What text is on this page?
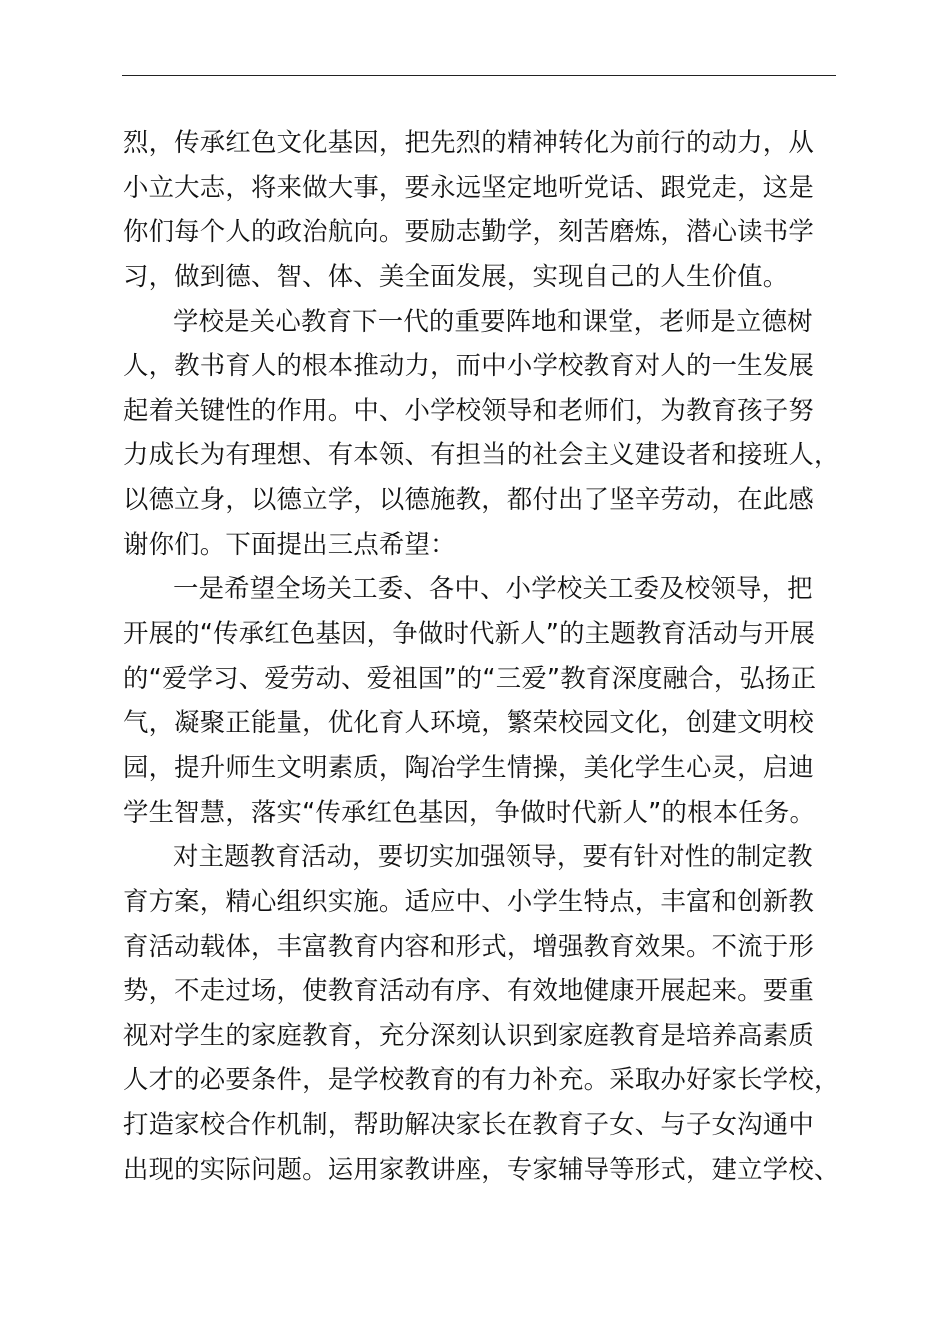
烈，传承红色文化基因，把先烈的精神转化为前行的动力，从
小立大志，将来做大事，要永远坚定地听党话、跟党走，这是
你们每个人的政治航向。要励志勤学，刻苦磨炼，潜心读书学
习，做到德、智、体、美全面发展，实现自己的人生价值。
学校是关心教育下一代的重要阵地和课堂，老师是立德树
人，教书育人的根本推动力，而中小学校教育对人的一生发展
起着关键性的作用。中、小学校领导和老师们，为教育孩子努
力成长为有理想、有本领、有担当的社会主义建设者和接班人，
以德立身，以德立学，以德施教，都付出了坚辛劳动，在此感
谢你们。下面提出三点希望：
一是希望全场关工委、各中、小学校关工委及校领导，把
开展的“传承红色基因，争做时代新人”的主题教育活动与开展
的“爱学习、爱劳动、爱祖国”的“三爱”教育深度融合，弘扬正
气，凝聚正能量，优化育人环境，繁荣校园文化，创建文明校
园，提升师生文明素质，陶冶学生情操，美化学生心灵，启迪
学生智慧，落实“传承红色基因，争做时代新人”的根本任务。
对主题教育活动，要切实加强领导，要有针对性的制定教
育方案，精心组织实施。适应中、小学生特点，丰富和创新教
育活动载体，丰富教育内容和形式，增强教育效果。不流于形
势，不走过场，使教育活动有序、有效地健康开展起来。要重
视对学生的家庭教育，充分深刻认识到家庭教育是培养高素质
人才的必要条件，是学校教育的有力补充。采取办好家长学校，
打造家校合作机制，帮助解决家长在教育子女、与子女沟通中
出现的实际问题。运用家教讲座，专家辅导等形式，建立学校、
